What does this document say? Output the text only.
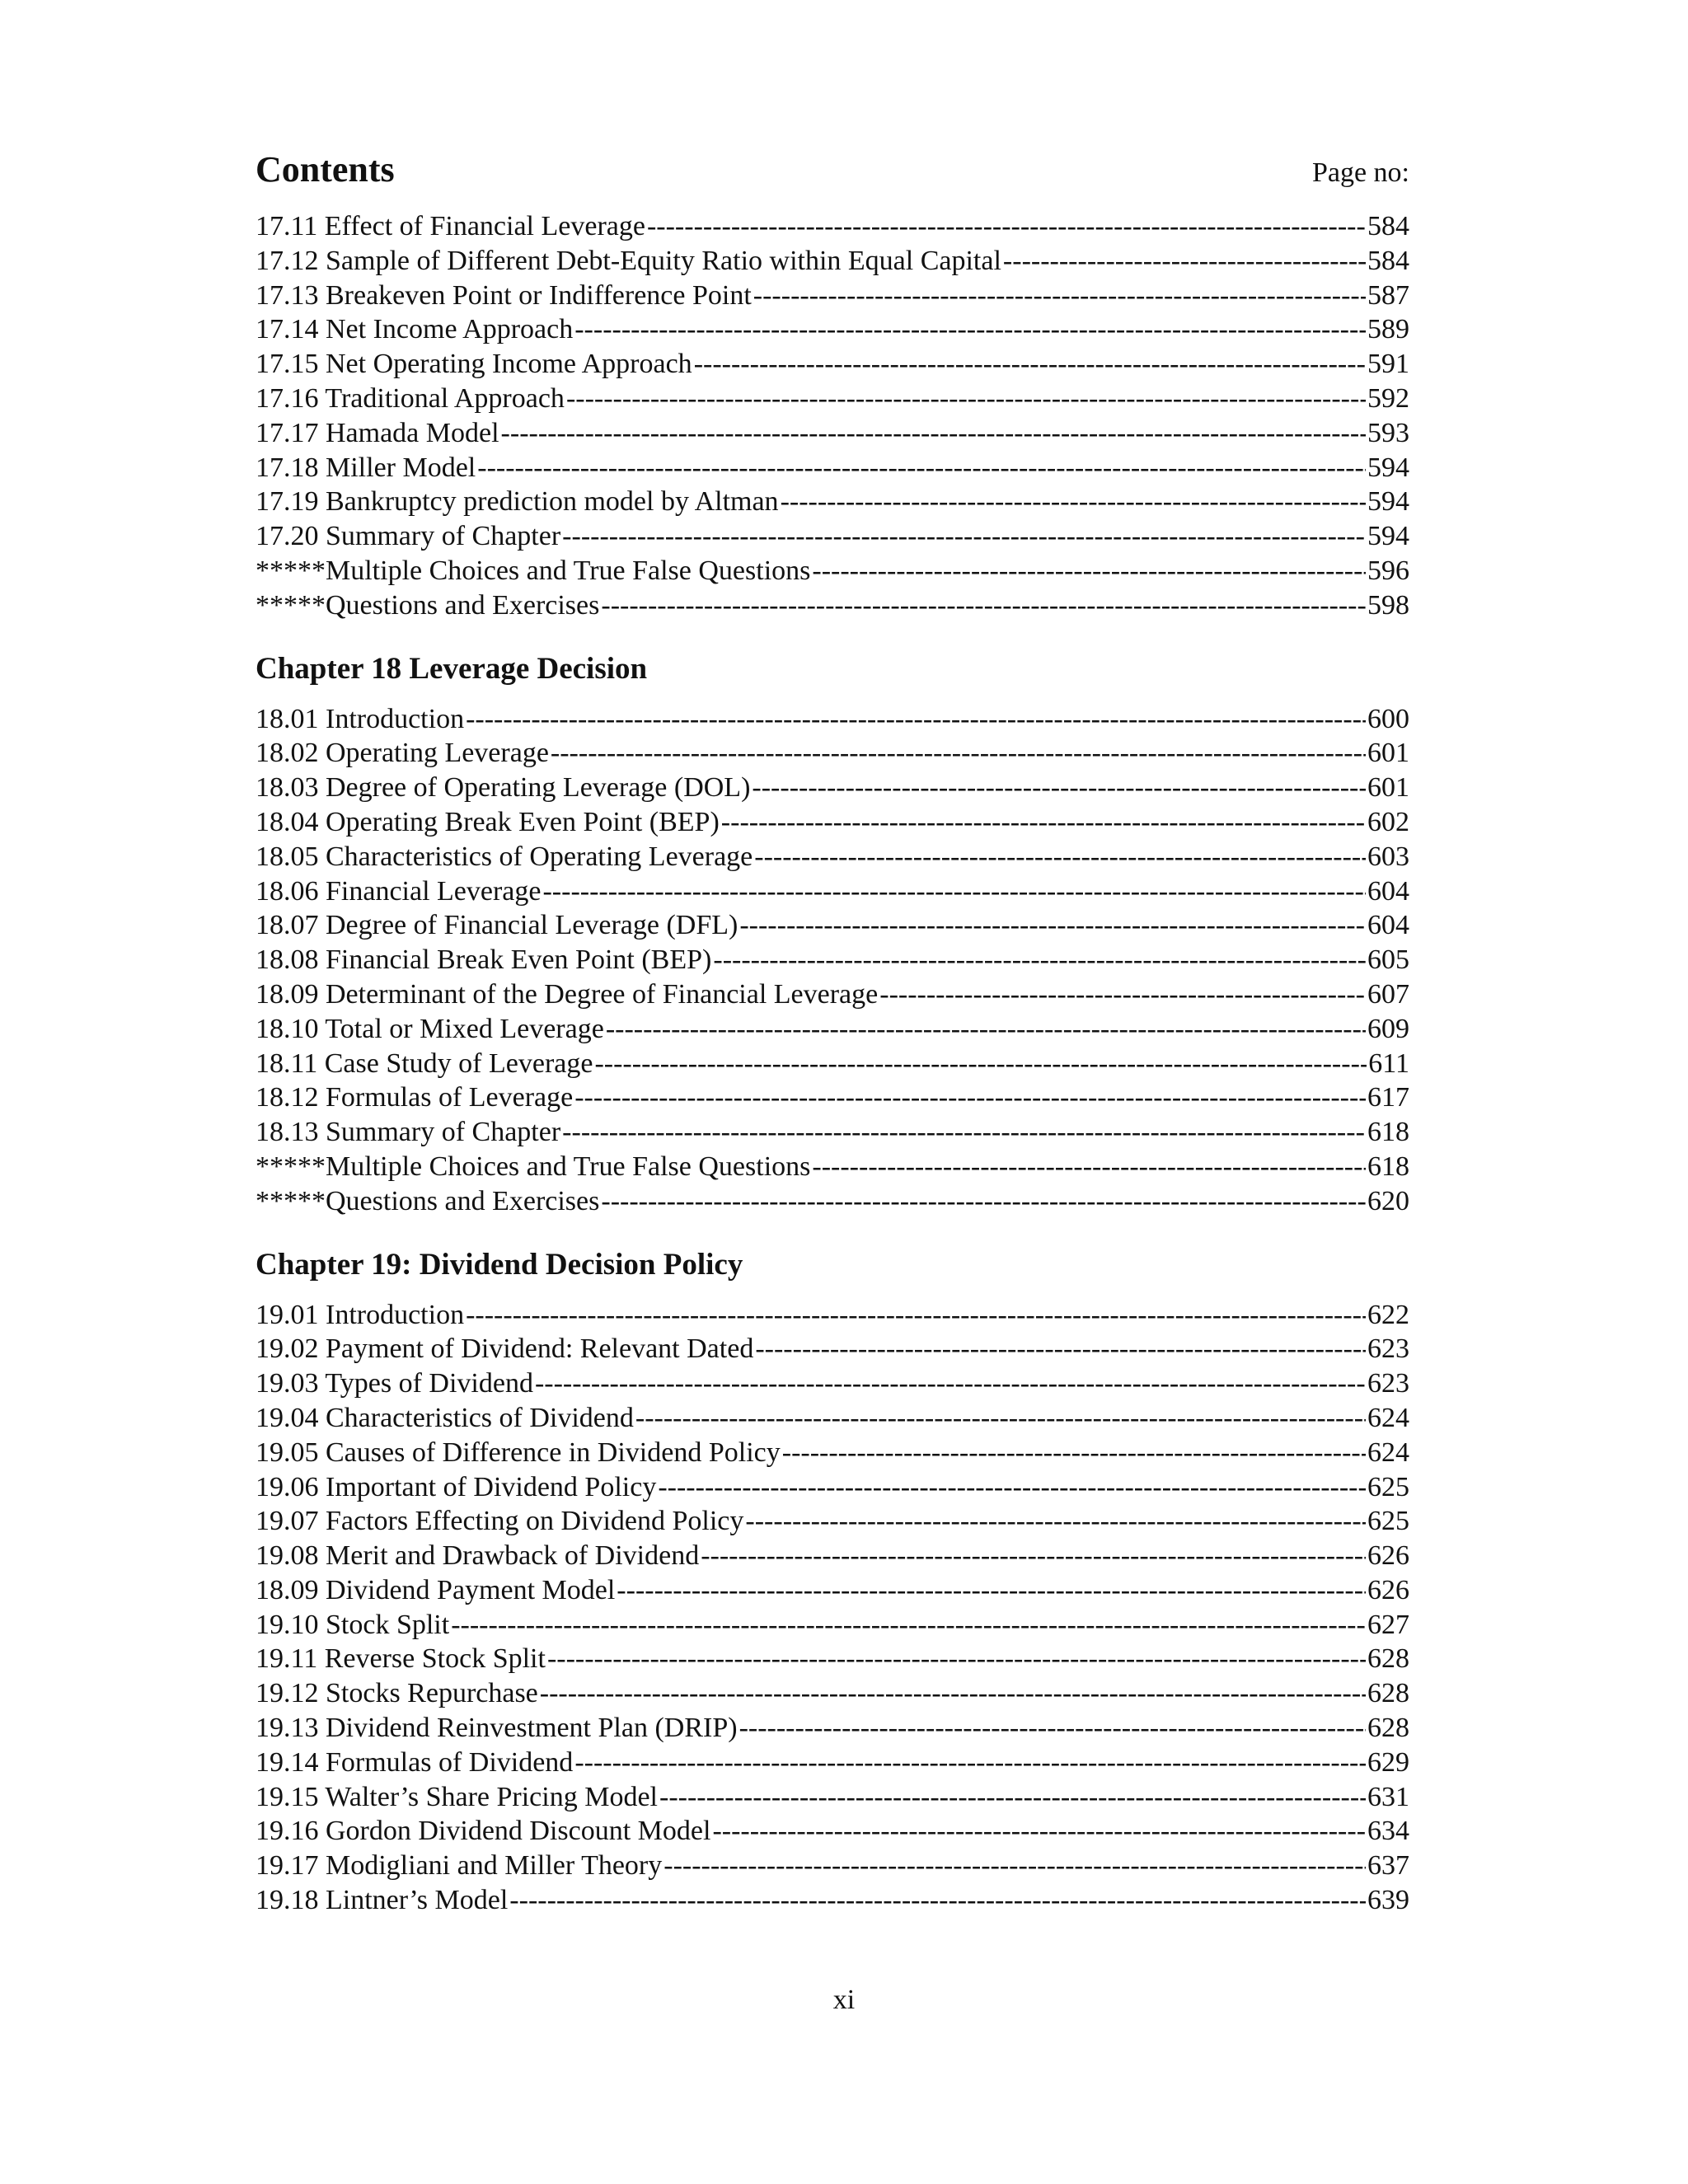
Contents	Page no:
17.11 Effect of Financial Leverage -----	584
17.12 Sample of Different Debt-Equity Ratio within Equal Capital -----	584
17.13 Breakeven Point or Indifference Point -----	587
17.14 Net Income Approach -----	589
17.15 Net Operating Income Approach -----	591
17.16 Traditional Approach -----	592
17.17 Hamada Model -----	593
17.18 Miller Model -----	594
17.19 Bankruptcy prediction model by Altman -----	594
17.20 Summary of Chapter -----	594
*****Multiple Choices and True False Questions -----	596
*****Questions and Exercises -----	598
Chapter 18 Leverage Decision
18.01 Introduction -----	600
18.02 Operating Leverage -----	601
18.03 Degree of Operating Leverage (DOL) -----	601
18.04 Operating Break Even Point (BEP) -----	602
18.05 Characteristics of Operating Leverage -----	603
18.06 Financial Leverage -----	604
18.07 Degree of Financial Leverage (DFL) -----	604
18.08 Financial Break Even Point (BEP) -----	605
18.09 Determinant of the Degree of Financial Leverage -----	607
18.10 Total or Mixed Leverage -----	609
18.11 Case Study of Leverage -----	611
18.12 Formulas of Leverage -----	617
18.13 Summary of Chapter -----	618
*****Multiple Choices and True False Questions -----	618
*****Questions and Exercises -----	620
Chapter 19: Dividend Decision Policy
19.01 Introduction -----	622
19.02 Payment of Dividend: Relevant Dated -----	623
19.03 Types of Dividend -----	623
19.04 Characteristics of Dividend -----	624
19.05 Causes of Difference in Dividend Policy -----	624
19.06 Important of Dividend Policy -----	625
19.07 Factors Effecting on Dividend Policy -----	625
19.08 Merit and Drawback of Dividend -----	626
18.09 Dividend Payment Model -----	626
19.10 Stock Split -----	627
19.11 Reverse Stock Split -----	628
19.12 Stocks Repurchase -----	628
19.13 Dividend Reinvestment Plan (DRIP) -----	628
19.14 Formulas of Dividend -----	629
19.15 Walter’s Share Pricing Model -----	631
19.16 Gordon Dividend Discount Model -----	634
19.17 Modigliani and Miller Theory -----	637
19.18 Lintner’s Model -----	639
xi
